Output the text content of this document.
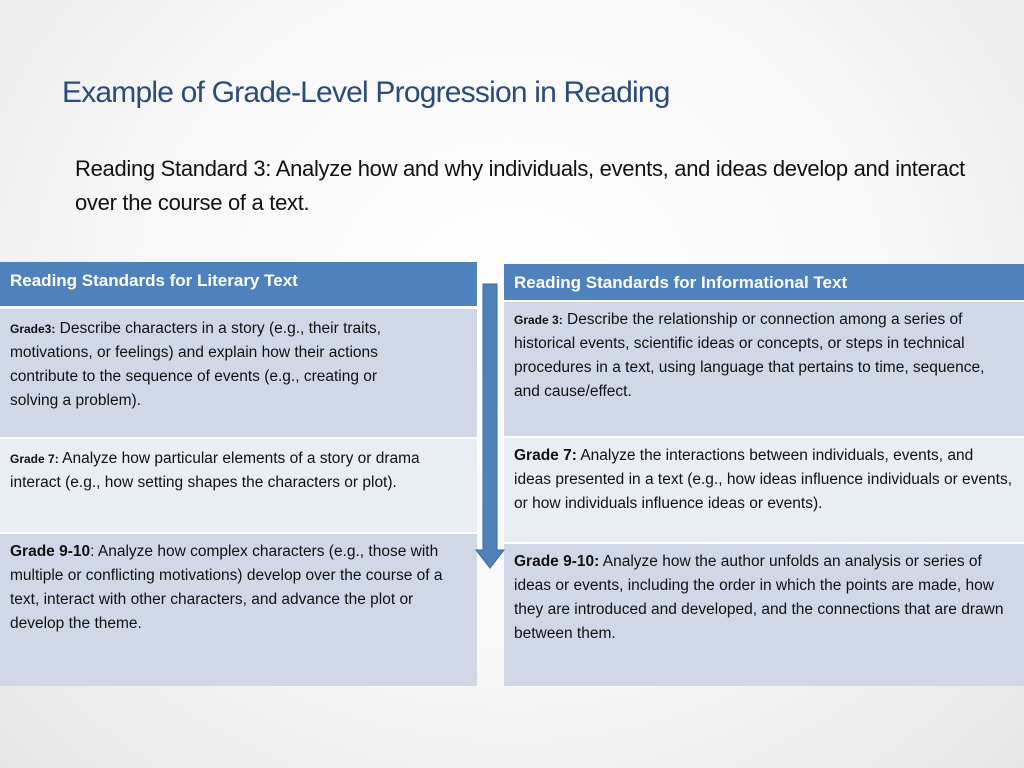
Example of Grade-Level Progression in Reading
Reading Standard 3: Analyze how and why individuals, events, and ideas develop and interact over the course of a text.
Reading Standards for Literary Text
Grade3: Describe characters in a story (e.g., their traits, motivations, or feelings) and explain how their actions contribute to the sequence of events (e.g., creating or solving a problem).
Grade 7: Analyze how particular elements of a story or drama interact (e.g., how setting shapes the characters or plot).
Grade 9-10: Analyze how complex characters (e.g., those with multiple or conflicting motivations) develop over the course of a text, interact with other characters, and advance the plot or develop the theme.
Reading Standards for Informational Text
Grade 3: Describe the relationship or connection among a series of historical events, scientific ideas or concepts, or steps in technical procedures in a text, using language that pertains to time, sequence, and cause/effect.
Grade 7: Analyze the interactions between individuals, events, and ideas presented in a text (e.g., how ideas influence individuals or events, or how individuals influence ideas or events).
Grade 9-10: Analyze how the author unfolds an analysis or series of ideas or events, including the order in which the points are made, how they are introduced and developed, and the connections that are drawn between them.
